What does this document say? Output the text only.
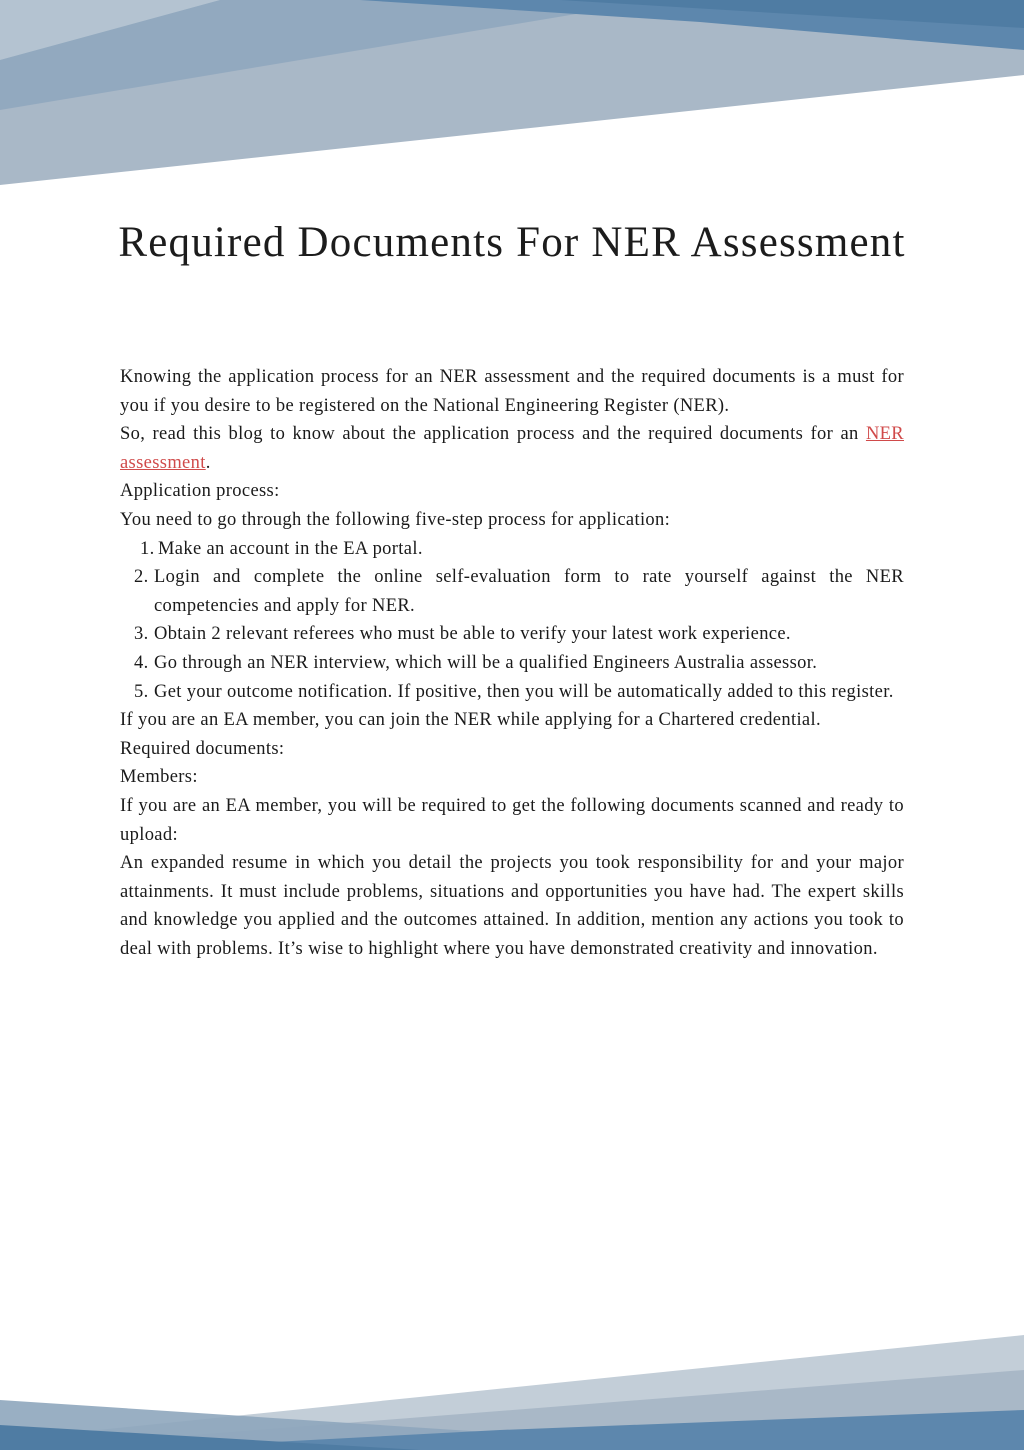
Required Documents For NER Assessment

Knowing the application process for an NER assessment and the required documents is a must for you if you desire to be registered on the National Engineering Register (NER).

So, read this blog to know about the application process and the required documents for an NER assessment.

Application process:

You need to go through the following five-step process for application:

1. Make an account in the EA portal.
2. Login and complete the online self-evaluation form to rate yourself against the NER competencies and apply for NER.
3. Obtain 2 relevant referees who must be able to verify your latest work experience.
4. Go through an NER interview, which will be a qualified Engineers Australia assessor.
5. Get your outcome notification. If positive, then you will be automatically added to this register.

If you are an EA member, you can join the NER while applying for a Chartered credential.

Required documents:

Members:

If you are an EA member, you will be required to get the following documents scanned and ready to upload:

An expanded resume in which you detail the projects you took responsibility for and your major attainments. It must include problems, situations and opportunities you have had. The expert skills and knowledge you applied and the outcomes attained. In addition, mention any actions you took to deal with problems. It’s wise to highlight where you have demonstrated creativity and innovation.
